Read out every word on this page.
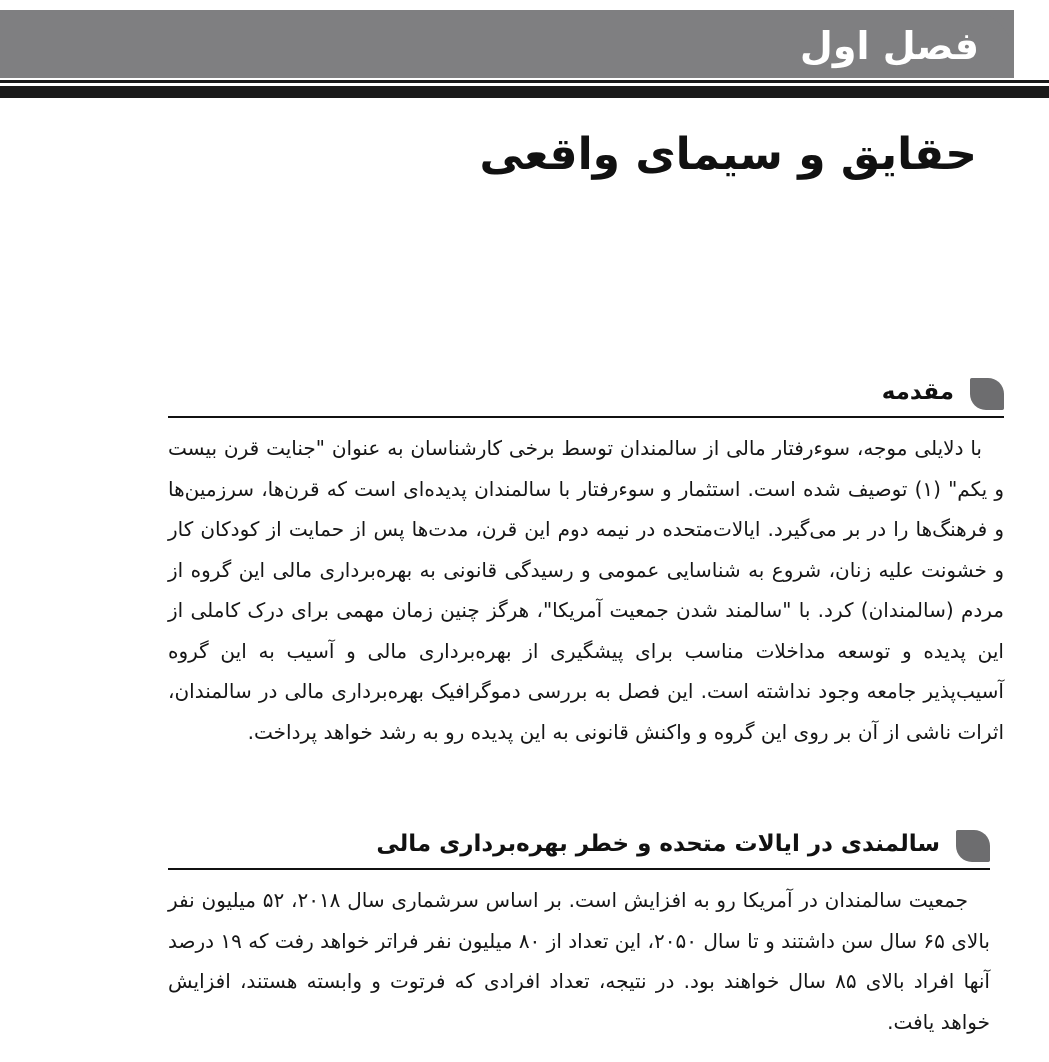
فصل اول
حقایق و سیمای واقعی
مقدمه

با دلایلی موجه، سوءرفتار مالی از سالمندان توسط برخی کارشناسان به عنوان "جنایت قرن بیست و یکم" (۱) توصیف شده است. استثمار و سوءرفتار با سالمندان پدیده‌ای است که قرن‌ها، سرزمین‌ها و فرهنگ‌ها را در بر می‌گیرد. ایالات‌متحده در نیمه دوم این قرن، مدت‌ها پس از حمایت از کودکان کار و خشونت علیه زنان، شروع به شناسایی عمومی و رسیدگی قانونی به بهره‌برداری مالی این گروه از مردم (سالمندان) کرد. با "سالمند شدن جمعیت آمریکا"، هرگز چنین زمان مهمی برای درک کاملی از این پدیده و توسعه مداخلات مناسب برای پیشگیری از بهره‌برداری مالی و آسیب به این گروه آسیب‌پذیر جامعه وجود نداشته است. این فصل به بررسی دموگرافیک بهره‌برداری مالی در سالمندان، اثرات ناشی از آن بر روی این گروه و واکنش قانونی به این پدیده رو به رشد خواهد پرداخت.

سالمندی در ایالات متحده و خطر بهره‌برداری مالی

جمعیت سالمندان در آمریکا رو به افزایش است. بر اساس سرشماری سال ۲۰۱۸، ۵۲ میلیون نفر بالای ۶۵ سال سن داشتند و تا سال ۲۰۵۰، این تعداد از ۸۰ میلیون نفر فراتر خواهد رفت که ۱۹ درصد آنها افراد بالای ۸۵ سال خواهند بود. در نتیجه، تعداد افرادی که فرتوت و وابسته هستند، افزایش خواهد یافت.
